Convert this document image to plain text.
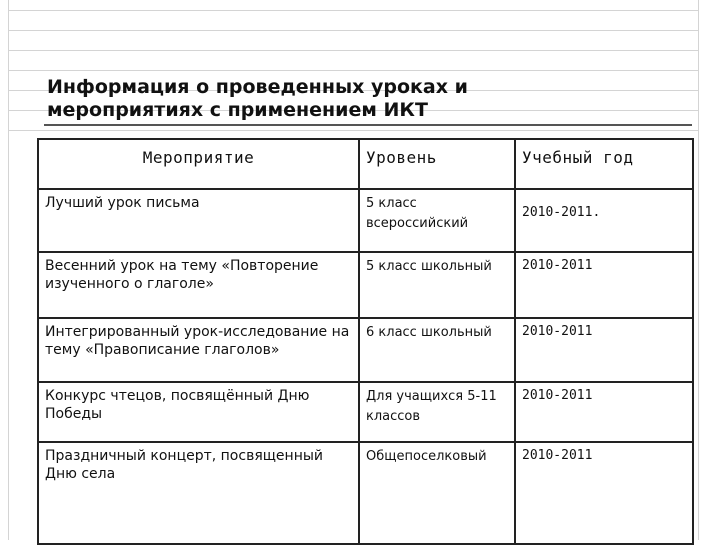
Информация о проведенных уроках и
мероприятиях с применением ИКТ
Мероприятие	Уровень	Учебный год
Лучший урок письма	5 класс всероссийский	2010-2011.
Весенний урок на тему «Повторение изученного о глаголе»	5 класс школьный	2010-2011
Интегрированный урок-исследование на тему «Правописание глаголов»	6 класс школьный	2010-2011
Конкурс чтецов, посвящённый Дню Победы	Для учащихся 5-11 классов	2010-2011
Праздничный концерт, посвященный Дню села	Общепоселковый	2010-2011
